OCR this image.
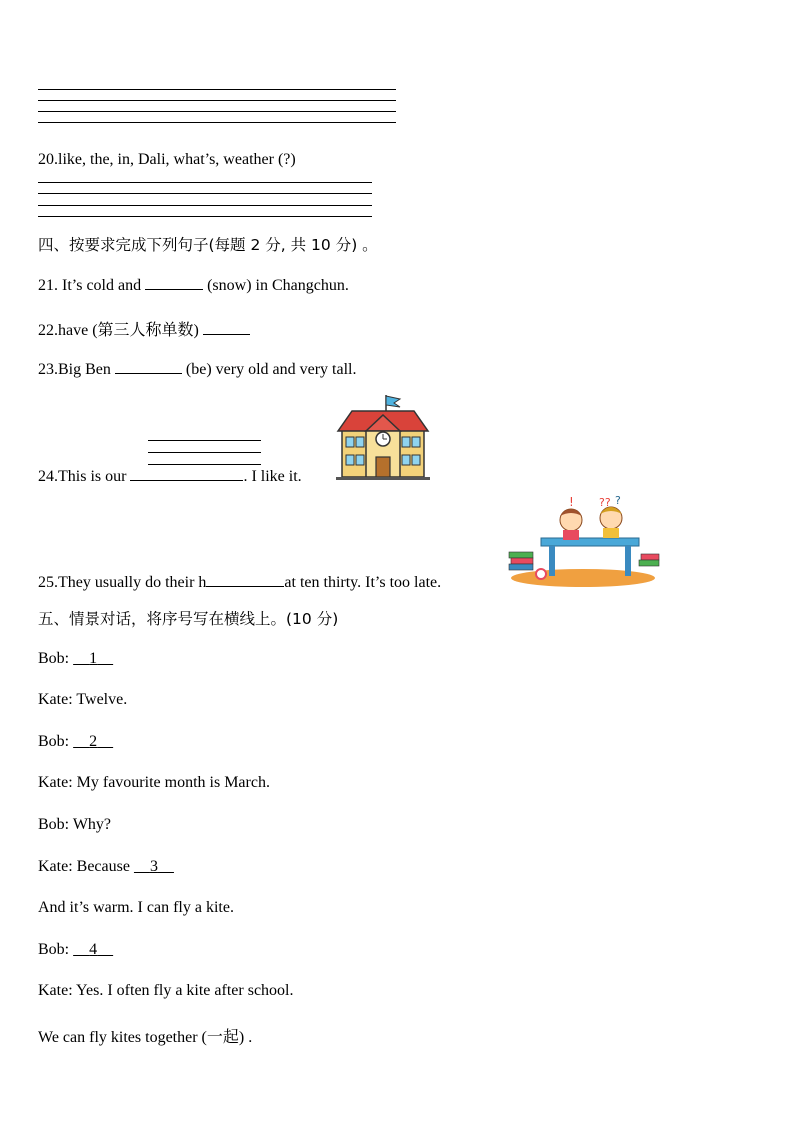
20.like, the, in, Dali, what’s, weather (?)
四、按要求完成下列句子(每题 2 分, 共 10 分) 。
21. It’s cold and	(snow) in Changchun.
22.have (第三人称单数)
23.Big Ben	(be) very old and very tall.
24.This is our	. I like it.
25.They usually do their h	at ten thirty. It’s too late.
! ?? ?
五、情景对话，将序号写在横线上。(10 分)
Bob:     1
Kate: Twelve.
Bob:     2
Kate: My favourite month is March.
Bob: Why?
Kate: Because     3
And it’s warm. I can fly a kite.
Bob:     4
Kate: Yes. I often fly a kite after school.
We can fly kites together (一起) .
